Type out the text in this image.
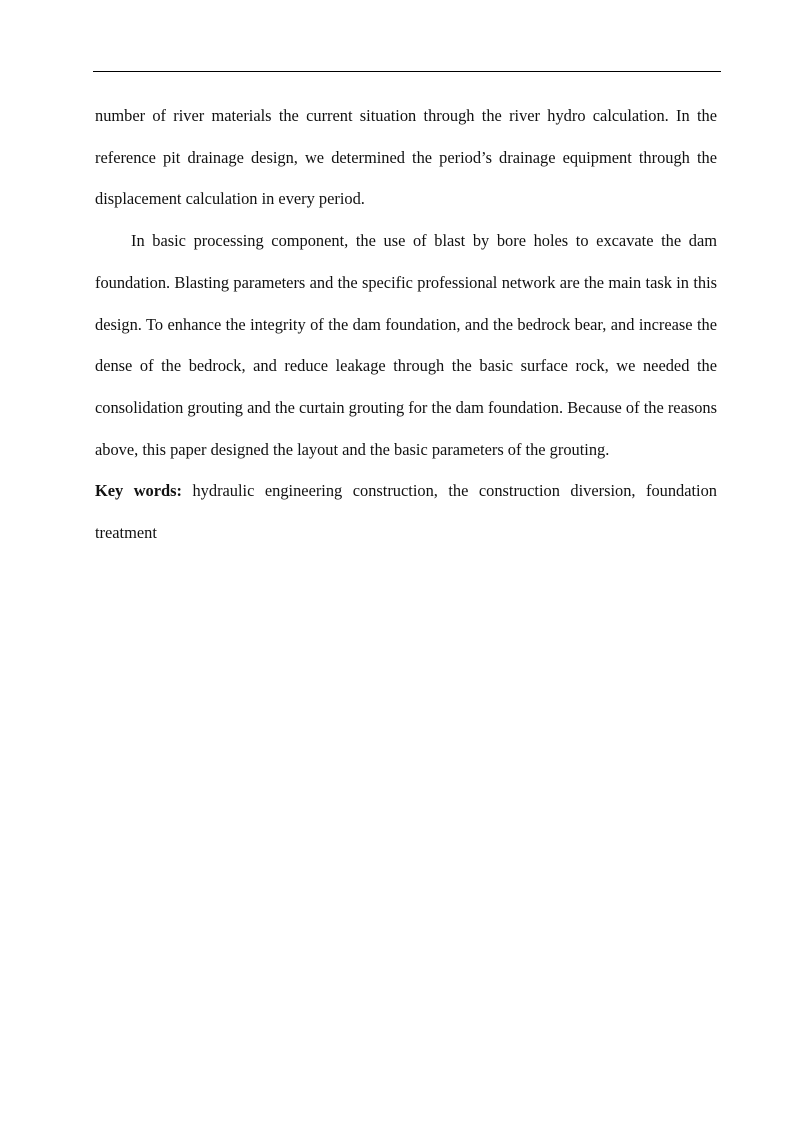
number of river materials the current situation through the river hydro calculation. In the reference pit drainage design, we determined the period’s drainage equipment through the displacement calculation in every period.

In basic processing component, the use of blast by bore holes to excavate the dam foundation. Blasting parameters and the specific professional network are the main task in this design. To enhance the integrity of the dam foundation, and the bedrock bear, and increase the dense of the bedrock, and reduce leakage through the basic surface rock, we needed the consolidation grouting and the curtain grouting for the dam foundation. Because of the reasons above, this paper designed the layout and the basic parameters of the grouting.

Key words: hydraulic engineering construction, the construction diversion, foundation treatment
